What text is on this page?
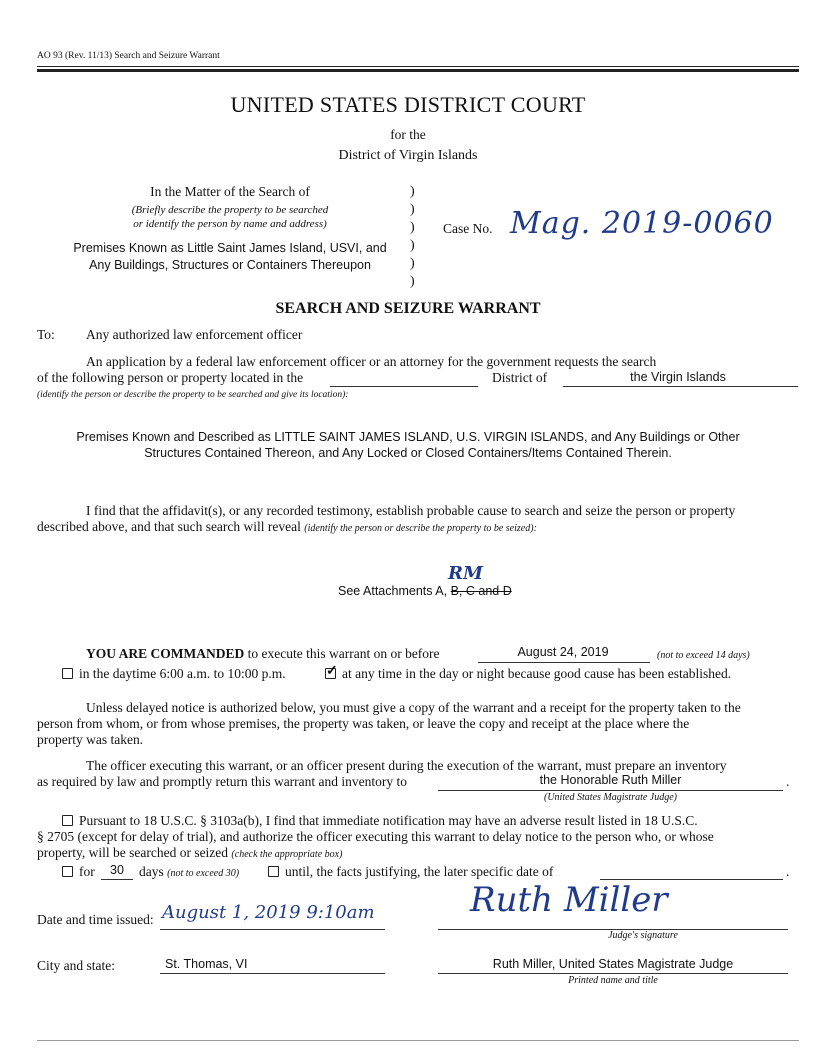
AO 93 (Rev. 11/13) Search and Seizure Warrant
UNITED STATES DISTRICT COURT
for the
District of Virgin Islands
In the Matter of the Search of
(Briefly describe the property to be searched
or identify the person by name and address)
Premises Known as Little Saint James Island, USVI, and
Any Buildings, Structures or Containers Thereupon
)
)
)
)
)
)
Case No. Mag. 2019-0060
SEARCH AND SEIZURE WARRANT
To: Any authorized law enforcement officer
An application by a federal law enforcement officer or an attorney for the government requests the search
of the following person or property located in the	District of	the Virgin Islands
(identify the person or describe the property to be searched and give its location):
Premises Known and Described as LITTLE SAINT JAMES ISLAND, U.S. VIRGIN ISLANDS, and Any Buildings or Other
Structures Contained Thereon, and Any Locked or Closed Containers/Items Contained Therein.
I find that the affidavit(s), or any recorded testimony, establish probable cause to search and seize the person or property
described above, and that such search will reveal (identify the person or describe the property to be seized):
See Attachments A, B, C and D
RM
YOU ARE COMMANDED to execute this warrant on or before	August 24, 2019	(not to exceed 14 days)
in the daytime 6:00 a.m. to 10:00 p.m. ✓	at any time in the day or night because good cause has been established.
Unless delayed notice is authorized below, you must give a copy of the warrant and a receipt for the property taken to the
person from whom, or from whose premises, the property was taken, or leave the copy and receipt at the place where the
property was taken.
The officer executing this warrant, or an officer present during the execution of the warrant, must prepare an inventory
as required by law and promptly return this warrant and inventory to	the Honorable Ruth Miller	.
(United States Magistrate Judge)
Pursuant to 18 U.S.C. § 3103a(b), I find that immediate notification may have an adverse result listed in 18 U.S.C.
§ 2705 (except for delay of trial), and authorize the officer executing this warrant to delay notice to the person who, or whose
property, will be searched or seized (check the appropriate box)
for	30	days (not to exceed 30)	until, the facts justifying, the later specific date of	.
Date and time issued: August 1, 2019 9:10am	Ruth Miller
Judge's signature
City and state:	St. Thomas, VI	Ruth Miller, United States Magistrate Judge
Printed name and title
